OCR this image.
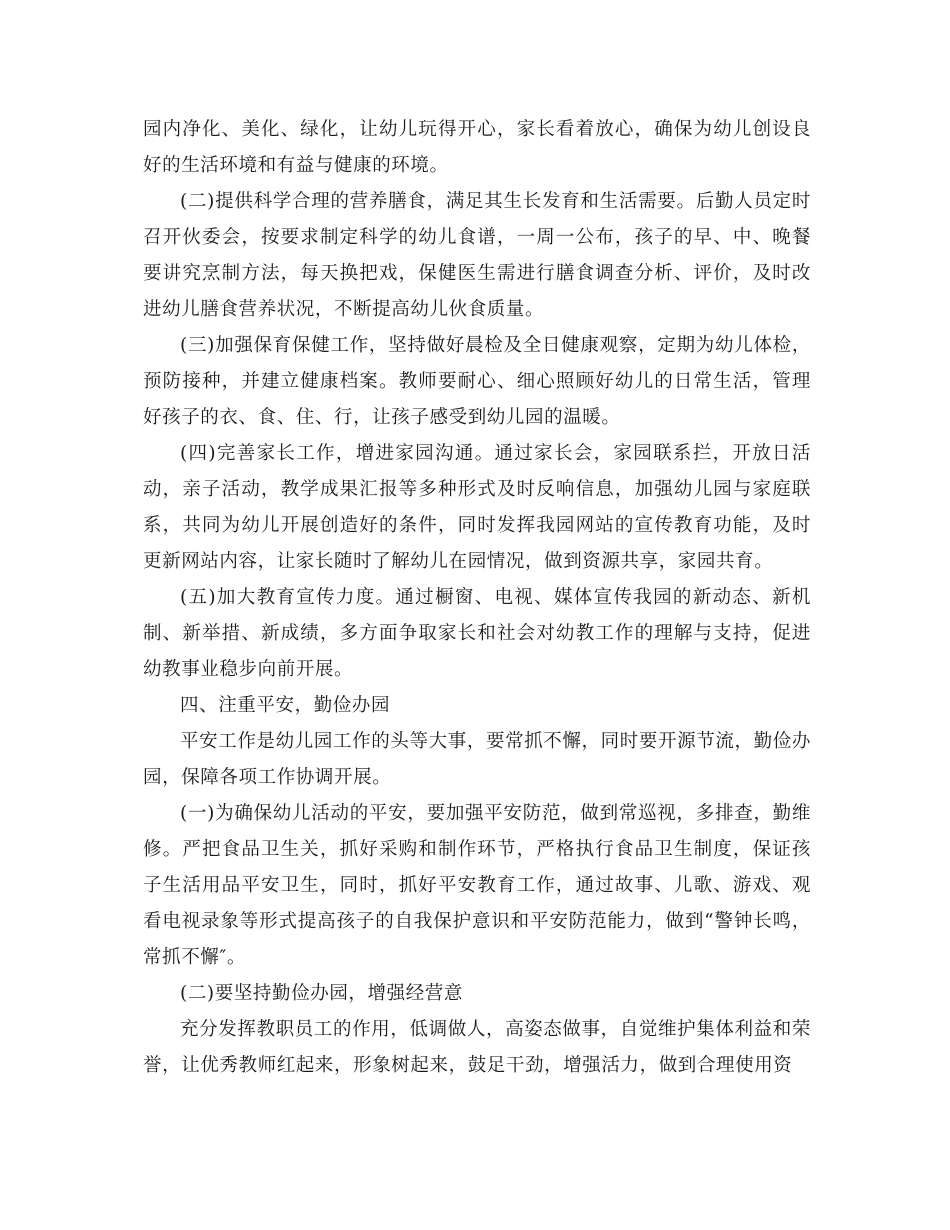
园内净化、美化、绿化，让幼儿玩得开心，家长看着放心，确保为幼儿创设良好的生活环境和有益与健康的环境。

(二)提供科学合理的营养膳食，满足其生长发育和生活需要。后勤人员定时召开伙委会，按要求制定科学的幼儿食谱，一周一公布，孩子的早、中、晚餐要讲究烹制方法，每天换把戏，保健医生需进行膳食调查分析、评价，及时改进幼儿膳食营养状况，不断提高幼儿伙食质量。

(三)加强保育保健工作，坚持做好晨检及全日健康观察，定期为幼儿体检，预防接种，并建立健康档案。教师要耐心、细心照顾好幼儿的日常生活，管理好孩子的衣、食、住、行，让孩子感受到幼儿园的温暖。

(四)完善家长工作，增进家园沟通。通过家长会，家园联系拦，开放日活动，亲子活动，教学成果汇报等多种形式及时反响信息，加强幼儿园与家庭联系，共同为幼儿开展创造好的条件，同时发挥我园网站的宣传教育功能，及时更新网站内容，让家长随时了解幼儿在园情况，做到资源共享，家园共育。

(五)加大教育宣传力度。通过橱窗、电视、媒体宣传我园的新动态、新机制、新举措、新成绩，多方面争取家长和社会对幼教工作的理解与支持，促进幼教事业稳步向前开展。

四、注重平安，勤俭办园

平安工作是幼儿园工作的头等大事，要常抓不懈，同时要开源节流，勤俭办园，保障各项工作协调开展。

(一)为确保幼儿活动的平安，要加强平安防范，做到常巡视，多排查，勤维修。严把食品卫生关，抓好采购和制作环节，严格执行食品卫生制度，保证孩子生活用品平安卫生，同时，抓好平安教育工作，通过故事、儿歌、游戏、观看电视录象等形式提高孩子的自我保护意识和平安防范能力，做到“警钟长鸣，常抓不懈″。

(二)要坚持勤俭办园，增强经营意

充分发挥教职员工的作用，低调做人，高姿态做事，自觉维护集体利益和荣誉，让优秀教师红起来，形象树起来，鼓足干劲，增强活力，做到合理使用资
